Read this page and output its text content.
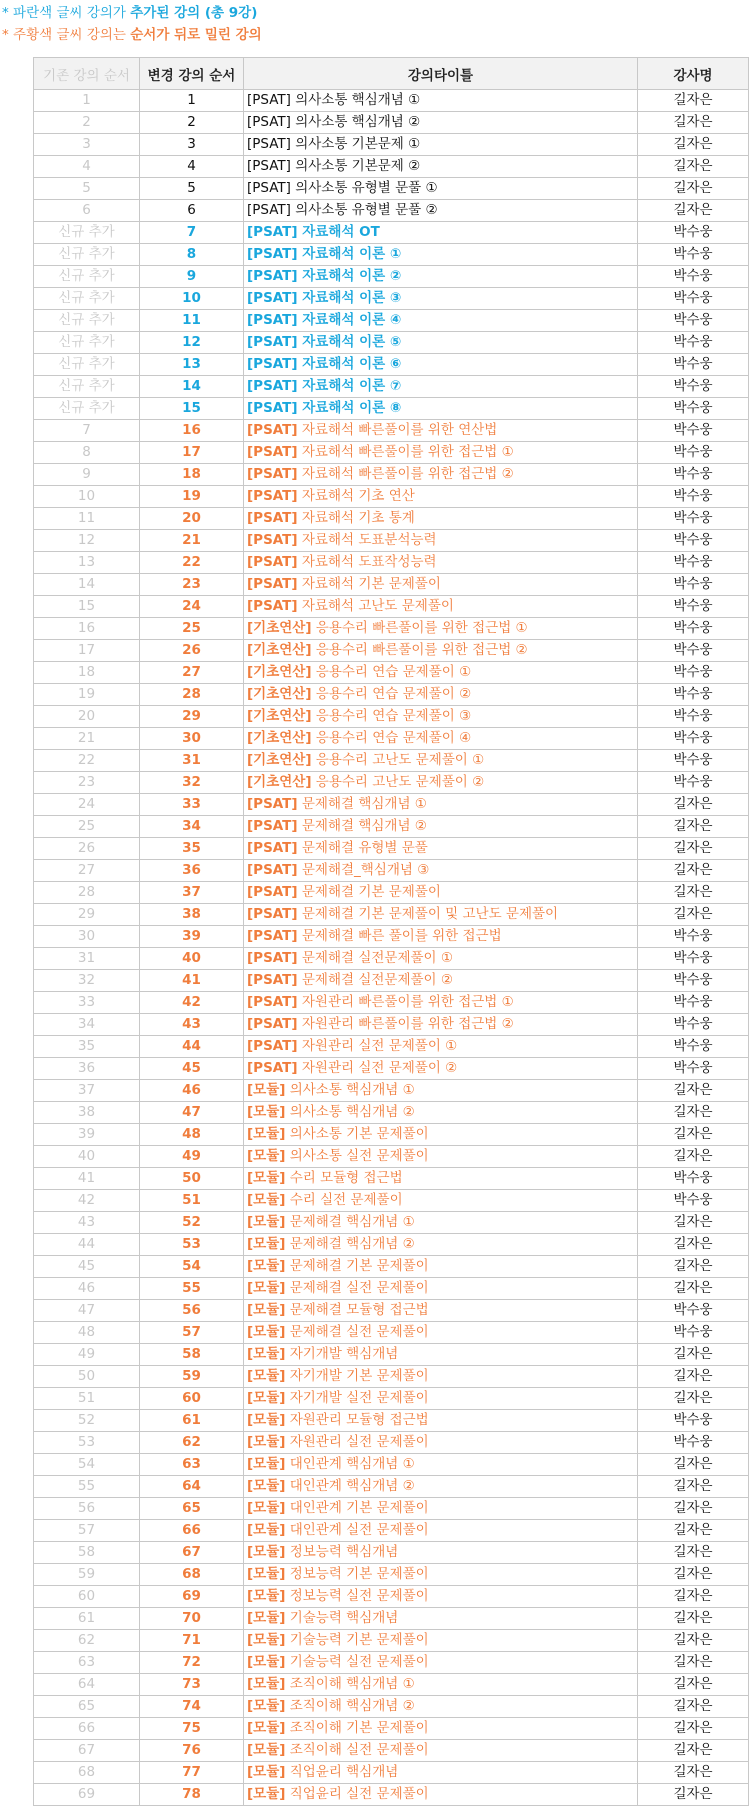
* 파란색 글씨 강의가 추가된 강의 (총 9강)
* 주황색 글씨 강의는 순서가 뒤로 밀린 강의
기존 강의 순서	변경 강의 순서	강의타이틀	강사명
1	1	[PSAT] 의사소통 핵심개념 ①	길자은
2	2	[PSAT] 의사소통 핵심개념 ②	길자은
3	3	[PSAT] 의사소통 기본문제 ①	길자은
4	4	[PSAT] 의사소통 기본문제 ②	길자은
5	5	[PSAT] 의사소통 유형별 문풀 ①	길자은
6	6	[PSAT] 의사소통 유형별 문풀 ②	길자은
신규 추가	7	[PSAT] 자료해석 OT	박수웅
신규 추가	8	[PSAT] 자료해석 이론 ①	박수웅
신규 추가	9	[PSAT] 자료해석 이론 ②	박수웅
신규 추가	10	[PSAT] 자료해석 이론 ③	박수웅
신규 추가	11	[PSAT] 자료해석 이론 ④	박수웅
신규 추가	12	[PSAT] 자료해석 이론 ⑤	박수웅
신규 추가	13	[PSAT] 자료해석 이론 ⑥	박수웅
신규 추가	14	[PSAT] 자료해석 이론 ⑦	박수웅
신규 추가	15	[PSAT] 자료해석 이론 ⑧	박수웅
7	16	[PSAT] 자료해석 빠른풀이를 위한 연산법	박수웅
8	17	[PSAT] 자료해석 빠른풀이를 위한 접근법 ①	박수웅
9	18	[PSAT] 자료해석 빠른풀이를 위한 접근법 ②	박수웅
10	19	[PSAT] 자료해석 기초 연산	박수웅
11	20	[PSAT] 자료해석 기초 통계	박수웅
12	21	[PSAT] 자료해석 도표분석능력	박수웅
13	22	[PSAT] 자료해석 도표작성능력	박수웅
14	23	[PSAT] 자료해석 기본 문제풀이	박수웅
15	24	[PSAT] 자료해석 고난도 문제풀이	박수웅
16	25	[기초연산] 응용수리 빠른풀이를 위한 접근법 ①	박수웅
17	26	[기초연산] 응용수리 빠른풀이를 위한 접근법 ②	박수웅
18	27	[기초연산] 응용수리 연습 문제풀이 ①	박수웅
19	28	[기초연산] 응용수리 연습 문제풀이 ②	박수웅
20	29	[기초연산] 응용수리 연습 문제풀이 ③	박수웅
21	30	[기초연산] 응용수리 연습 문제풀이 ④	박수웅
22	31	[기초연산] 응용수리 고난도 문제풀이 ①	박수웅
23	32	[기초연산] 응용수리 고난도 문제풀이 ②	박수웅
24	33	[PSAT] 문제해결 핵심개념 ①	길자은
25	34	[PSAT] 문제해결 핵심개념 ②	길자은
26	35	[PSAT] 문제해결 유형별 문풀	길자은
27	36	[PSAT] 문제해결_핵심개념 ③	길자은
28	37	[PSAT] 문제해결 기본 문제풀이	길자은
29	38	[PSAT] 문제해결 기본 문제풀이 및 고난도 문제풀이	길자은
30	39	[PSAT] 문제해결 빠른 풀이를 위한 접근법	박수웅
31	40	[PSAT] 문제해결 실전문제풀이 ①	박수웅
32	41	[PSAT] 문제해결 실전문제풀이 ②	박수웅
33	42	[PSAT] 자원관리 빠른풀이를 위한 접근법 ①	박수웅
34	43	[PSAT] 자원관리 빠른풀이를 위한 접근법 ②	박수웅
35	44	[PSAT] 자원관리 실전 문제풀이 ①	박수웅
36	45	[PSAT] 자원관리 실전 문제풀이 ②	박수웅
37	46	[모듈] 의사소통 핵심개념 ①	길자은
38	47	[모듈] 의사소통 핵심개념 ②	길자은
39	48	[모듈] 의사소통 기본 문제풀이	길자은
40	49	[모듈] 의사소통 실전 문제풀이	길자은
41	50	[모듈] 수리 모듈형 접근법	박수웅
42	51	[모듈] 수리 실전 문제풀이	박수웅
43	52	[모듈] 문제해결 핵심개념 ①	길자은
44	53	[모듈] 문제해결 핵심개념 ②	길자은
45	54	[모듈] 문제해결 기본 문제풀이	길자은
46	55	[모듈] 문제해결 실전 문제풀이	길자은
47	56	[모듈] 문제해결 모듈형 접근법	박수웅
48	57	[모듈] 문제해결 실전 문제풀이	박수웅
49	58	[모듈] 자기개발 핵심개념	길자은
50	59	[모듈] 자기개발 기본 문제풀이	길자은
51	60	[모듈] 자기개발 실전 문제풀이	길자은
52	61	[모듈] 자원관리 모듈형 접근법	박수웅
53	62	[모듈] 자원관리 실전 문제풀이	박수웅
54	63	[모듈] 대인관계 핵심개념 ①	길자은
55	64	[모듈] 대인관계 핵심개념 ②	길자은
56	65	[모듈] 대인관계 기본 문제풀이	길자은
57	66	[모듈] 대인관계 실전 문제풀이	길자은
58	67	[모듈] 정보능력 핵심개념	길자은
59	68	[모듈] 정보능력 기본 문제풀이	길자은
60	69	[모듈] 정보능력 실전 문제풀이	길자은
61	70	[모듈] 기술능력 핵심개념	길자은
62	71	[모듈] 기술능력 기본 문제풀이	길자은
63	72	[모듈] 기술능력 실전 문제풀이	길자은
64	73	[모듈] 조직이해 핵심개념 ①	길자은
65	74	[모듈] 조직이해 핵심개념 ②	길자은
66	75	[모듈] 조직이해 기본 문제풀이	길자은
67	76	[모듈] 조직이해 실전 문제풀이	길자은
68	77	[모듈] 직업윤리 핵심개념	길자은
69	78	[모듈] 직업윤리 실전 문제풀이	길자은
